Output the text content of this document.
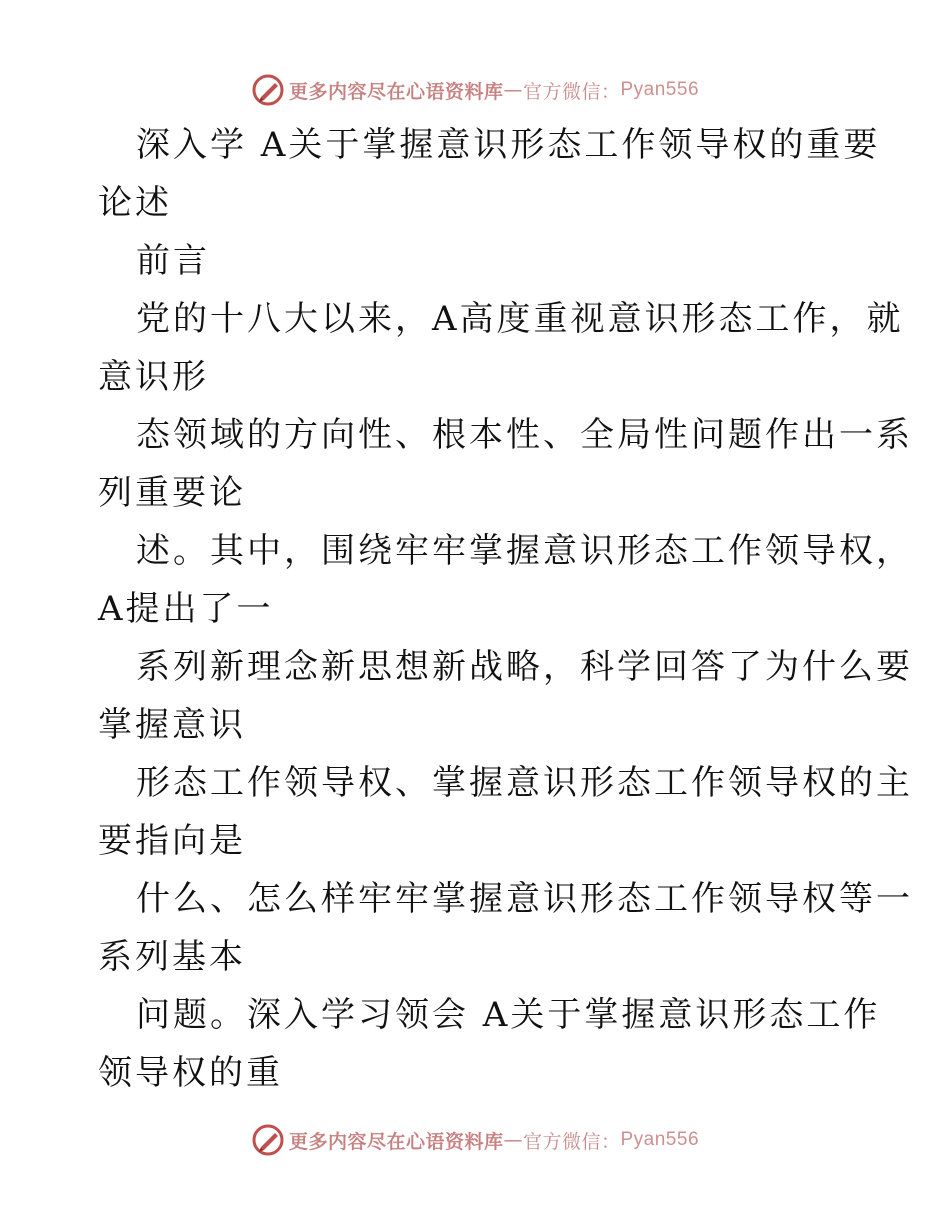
更多内容尽在心语资料库 — 官方微信： Pyan556
深入学 A关于掌握意识形态工作领导权的重要
论述
前言
党的十八大以来，A高度重视意识形态工作，就
意识形
态领域的方向性、根本性、全局性问题作出一系
列重要论
述。其中，围绕牢牢掌握意识形态工作领导权，
A提出了一
系列新理念新思想新战略，科学回答了为什么要
掌握意识
形态工作领导权、掌握意识形态工作领导权的主
要指向是
什么、怎么样牢牢掌握意识形态工作领导权等一
系列基本
问题。深入学习领会 A关于掌握意识形态工作
领导权的重
更多内容尽在心语资料库 — 官方微信： Pyan556
